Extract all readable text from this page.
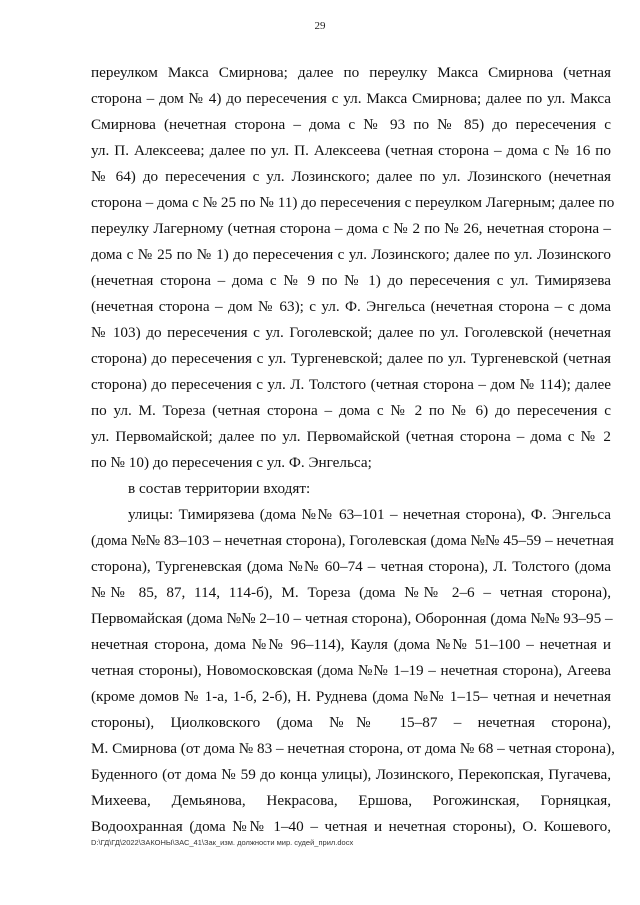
29
переулком Макса Смирнова; далее по переулку Макса Смирнова (четная
сторона – дом № 4) до пересечения с ул. Макса Смирнова; далее по ул. Макса
Смирнова (нечетная сторона – дома с № 93 по № 85) до пересечения с
ул. П. Алексеева; далее по ул. П. Алексеева (четная сторона – дома с № 16 по
№ 64) до пересечения с ул. Лозинского; далее по ул. Лозинского (нечетная
сторона – дома с № 25 по № 11) до пересечения с переулком Лагерным; далее по
переулку Лагерному (четная сторона – дома с № 2 по № 26, нечетная сторона –
дома с № 25 по № 1) до пересечения с ул. Лозинского; далее по ул. Лозинского
(нечетная сторона – дома с № 9 по № 1) до пересечения с ул. Тимирязева
(нечетная сторона – дом № 63); с ул. Ф. Энгельса (нечетная сторона – с дома
№ 103) до пересечения с ул. Гоголевской; далее по ул. Гоголевской (нечетная
сторона) до пересечения с ул. Тургеневской; далее по ул. Тургеневской (четная
сторона) до пересечения с ул. Л. Толстого (четная сторона – дом № 114); далее
по ул. М. Тореза (четная сторона – дома с № 2 по № 6) до пересечения с
ул. Первомайской; далее по ул. Первомайской (четная сторона – дома с № 2
по № 10) до пересечения с ул. Ф. Энгельса;
в состав территории входят:
улицы: Тимирязева (дома №№ 63–101 – нечетная сторона), Ф. Энгельса
(дома №№ 83–103 – нечетная сторона), Гоголевская (дома №№ 45–59 – нечетная
сторона), Тургеневская (дома №№ 60–74 – четная сторона), Л. Толстого (дома
№№ 85, 87, 114, 114-б), М. Тореза (дома №№ 2–6 – четная сторона),
Первомайская (дома №№ 2–10 – четная сторона), Оборонная (дома №№ 93–95 –
нечетная сторона, дома №№ 96–114), Кауля (дома №№ 51–100 – нечетная и
четная стороны), Новомосковская (дома №№ 1–19 – нечетная сторона), Агеева
(кроме домов № 1-а, 1-б, 2-б), Н. Руднева (дома №№ 1–15– четная и нечетная
стороны), Циолковского (дома №№ 15–87 – нечетная сторона),
М. Смирнова (от дома № 83 – нечетная сторона, от дома № 68 – четная сторона),
Буденного (от дома № 59 до конца улицы), Лозинского, Перекопская, Пугачева,
Михеева, Демьянова, Некрасова, Ершова, Рогожинская, Горняцкая,
Водоохранная (дома №№ 1–40 – четная и нечетная стороны), О. Кошевого,
D:\ГД\ГД\2022\ЗАКОНЫ\ЗАС_41\Зак_изм. должности мир. судей_прил.docx
